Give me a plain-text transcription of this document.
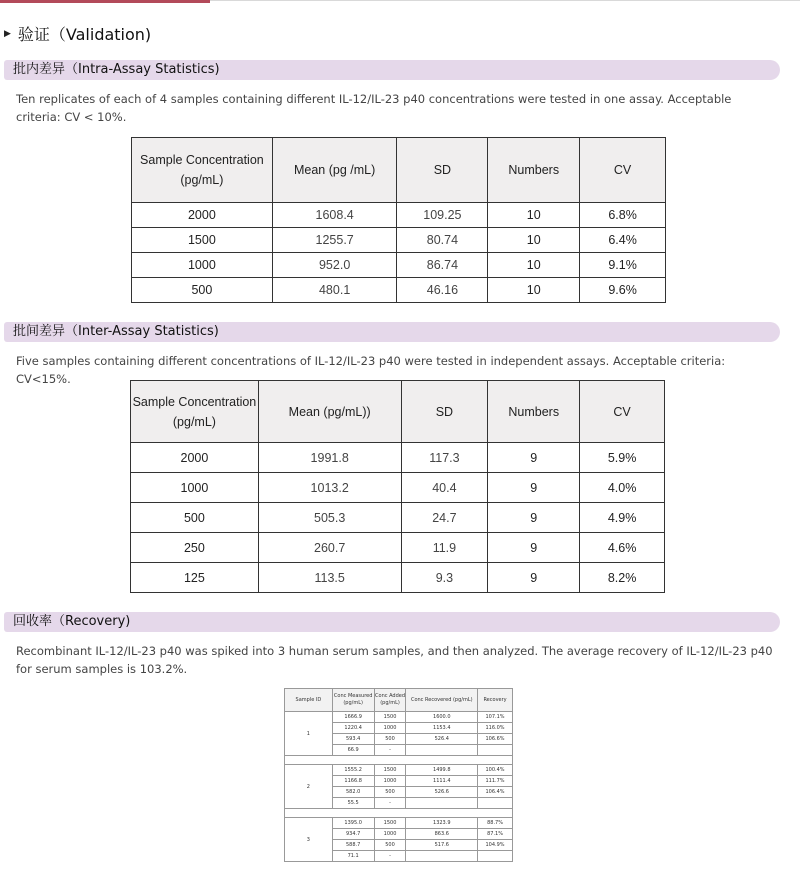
▶ 验证（Validation)
批内差异（Intra-Assay Statistics)
Ten replicates of each of 4 samples containing different IL-12/IL-23 p40 concentrations were tested in one assay. Acceptable criteria: CV < 10%.
Sample Concentration (pg/mL)	Mean (pg /mL)	SD	Numbers	CV
2000	1608.4	109.25	10	6.8%
1500	1255.7	80.74	10	6.4%
1000	952.0	86.74	10	9.1%
500	480.1	46.16	10	9.6%
批间差异（Inter-Assay Statistics)
Five samples containing different concentrations of IL-12/IL-23 p40 were tested in independent assays. Acceptable criteria: CV<15%.
Sample Concentration (pg/mL)	Mean (pg/mL))	SD	Numbers	CV
2000	1991.8	117.3	9	5.9%
1000	1013.2	40.4	9	4.0%
500	505.3	24.7	9	4.9%
250	260.7	11.9	9	4.6%
125	113.5	9.3	9	8.2%
回收率（Recovery)
Recombinant IL-12/IL-23 p40 was spiked into 3 human serum samples, and then analyzed. The average recovery of IL-12/IL-23 p40 for serum samples is 103.2%.
Sample ID	Conc Measured (pg/mL)	Conc Added (pg/mL)	Conc Recovered (pg/mL)	Recovery
1	1666.9	1500	1600.0	107.1%
	1220.4	1000	1153.4	116.0%
	593.4	500	526.4	106.6%
	66.9	-		

2	1555.2	1500	1499.8	100.4%
	1166.8	1000	1111.4	111.7%
	582.0	500	526.6	106.4%
	55.5	-		

3	1395.0	1500	1323.9	88.7%
	934.7	1000	863.6	87.1%
	588.7	500	517.6	104.9%
	71.1	-		
